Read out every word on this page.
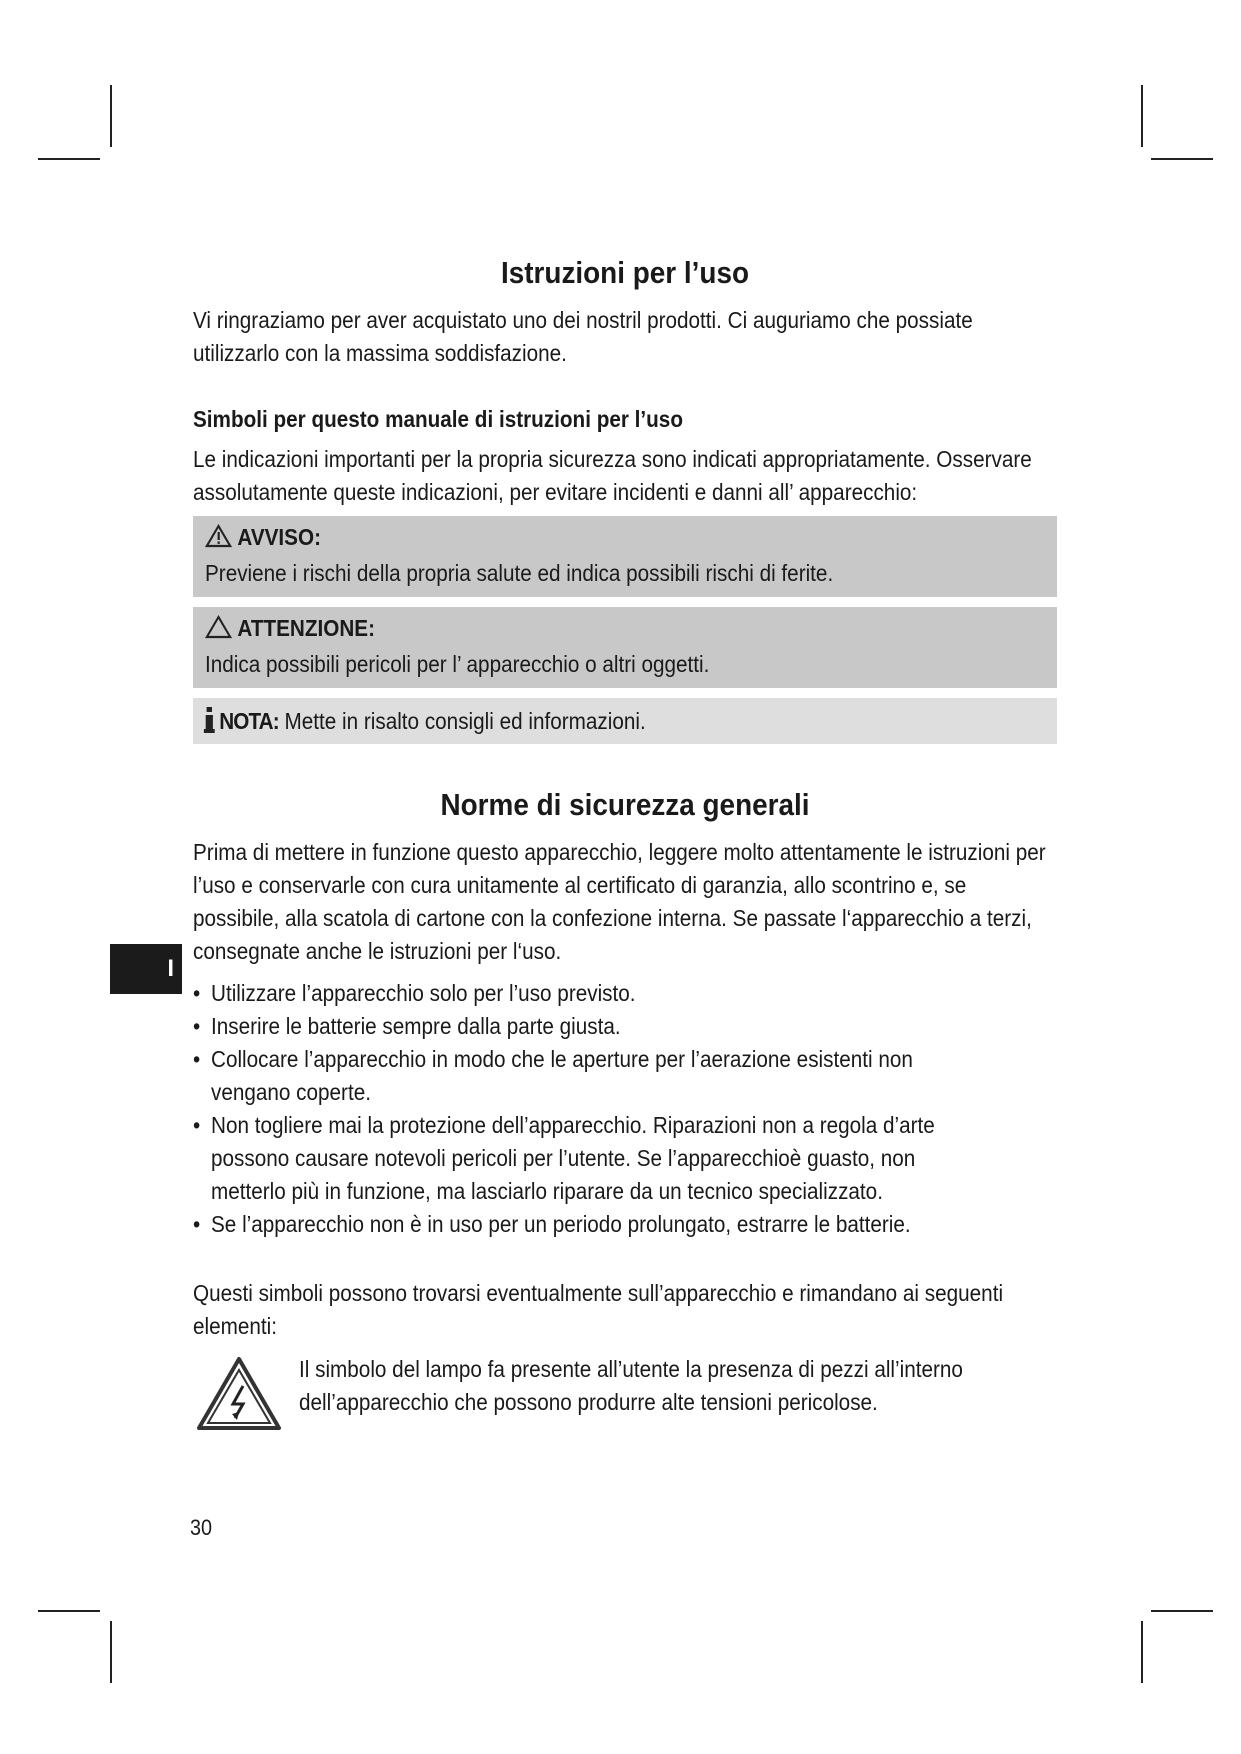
I
Istruzioni per l’uso

Vi ringraziamo per aver acquistato uno dei nostril prodotti. Ci auguriamo che possiate utilizzarlo con la massima soddisfazione.

Simboli per questo manuale di istruzioni per l’uso

Le indicazioni importanti per la propria sicurezza sono indicati appropriatamente. Osservare assolutamente queste indicazioni, per evitare incidenti e danni all’ apparecchio:

AVVISO:
Previene i rischi della propria salute ed indica possibili rischi di ferite.
ATTENZIONE:
Indica possibili pericoli per l’ apparecchio o altri oggetti.
NOTA: Mette in risalto consigli ed informazioni.
Norme di sicurezza generali

Prima di mettere in funzione questo apparecchio, leggere molto attentamente le istruzioni per l’uso e conservarle con cura unitamente al certificato di garanzia, allo scontrino e, se possibile, alla scatola di cartone con la confezione interna. Se passate l‘apparecchio a terzi, consegnate anche le istruzioni per l‘uso.

• Utilizzare l’apparecchio solo per l’uso previsto.
• Inserire le batterie sempre dalla parte giusta.
• Collocare l’apparecchio in modo che le aperture per l’aerazione esistenti non vengano coperte.
• Non togliere mai la protezione dell’apparecchio. Riparazioni non a regola d’arte possono causare notevoli pericoli per l’utente. Se l’apparecchioè guasto, non metterlo più in funzione, ma lasciarlo riparare da un tecnico specializzato.
• Se l’apparecchio non è in uso per un periodo prolungato, estrarre le batterie.

Questi simboli possono trovarsi eventualmente sull’apparecchio e rimandano ai seguenti elementi:

Il simbolo del lampo fa presente all’utente la presenza di pezzi all’interno dell’apparecchio che possono produrre alte tensioni pericolose.

30
